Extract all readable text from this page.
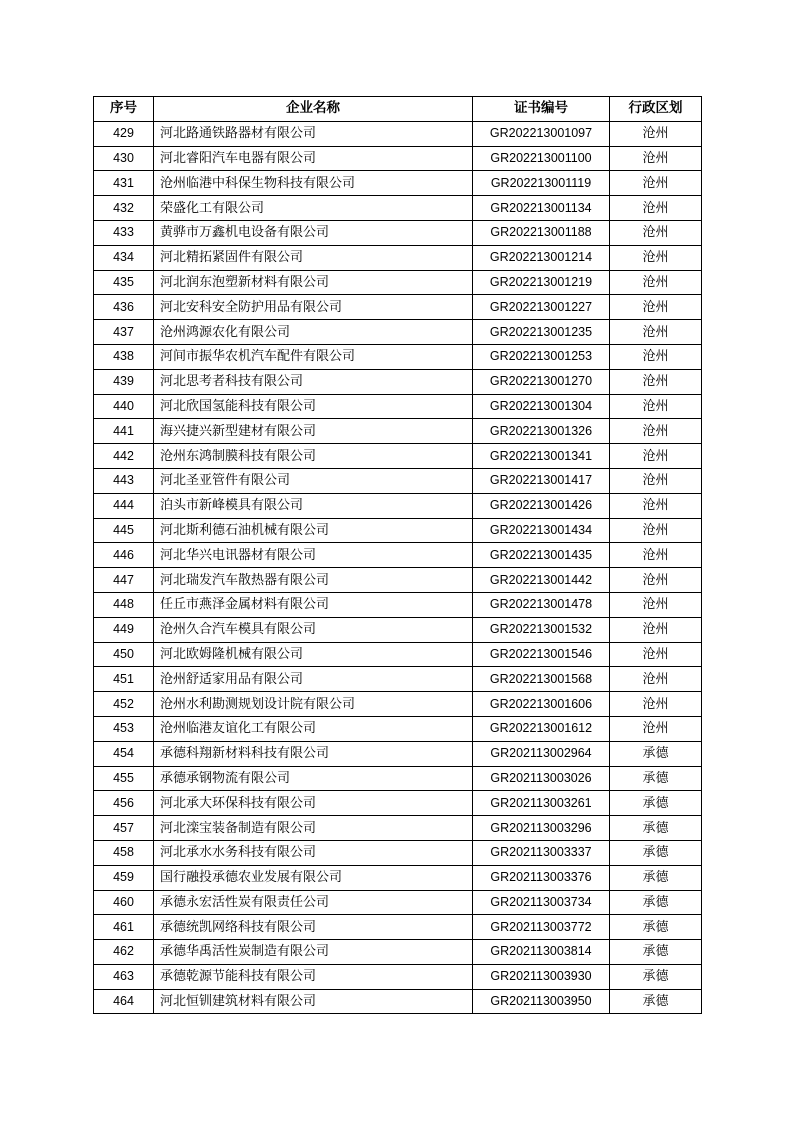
序号	企业名称	证书编号	行政区划
429	河北路通铁路器材有限公司	GR202213001097	沧州
430	河北睿阳汽车电器有限公司	GR202213001100	沧州
431	沧州临港中科保生物科技有限公司	GR202213001119	沧州
432	荣盛化工有限公司	GR202213001134	沧州
433	黄骅市万鑫机电设备有限公司	GR202213001188	沧州
434	河北精拓紧固件有限公司	GR202213001214	沧州
435	河北润东泡塑新材料有限公司	GR202213001219	沧州
436	河北安科安全防护用品有限公司	GR202213001227	沧州
437	沧州鸿源农化有限公司	GR202213001235	沧州
438	河间市振华农机汽车配件有限公司	GR202213001253	沧州
439	河北思考者科技有限公司	GR202213001270	沧州
440	河北欣国氢能科技有限公司	GR202213001304	沧州
441	海兴捷兴新型建材有限公司	GR202213001326	沧州
442	沧州东鸿制膜科技有限公司	GR202213001341	沧州
443	河北圣亚管件有限公司	GR202213001417	沧州
444	泊头市新峰模具有限公司	GR202213001426	沧州
445	河北斯利德石油机械有限公司	GR202213001434	沧州
446	河北华兴电讯器材有限公司	GR202213001435	沧州
447	河北瑞发汽车散热器有限公司	GR202213001442	沧州
448	任丘市燕泽金属材料有限公司	GR202213001478	沧州
449	沧州久合汽车模具有限公司	GR202213001532	沧州
450	河北欧姆隆机械有限公司	GR202213001546	沧州
451	沧州舒适家用品有限公司	GR202213001568	沧州
452	沧州水利勘测规划设计院有限公司	GR202213001606	沧州
453	沧州临港友谊化工有限公司	GR202213001612	沧州
454	承德科翔新材料科技有限公司	GR202113002964	承德
455	承德承钢物流有限公司	GR202113003026	承德
456	河北承大环保科技有限公司	GR202113003261	承德
457	河北滦宝装备制造有限公司	GR202113003296	承德
458	河北承水水务科技有限公司	GR202113003337	承德
459	国行融投承德农业发展有限公司	GR202113003376	承德
460	承德永宏活性炭有限责任公司	GR202113003734	承德
461	承德统凯网络科技有限公司	GR202113003772	承德
462	承德华禹活性炭制造有限公司	GR202113003814	承德
463	承德乾源节能科技有限公司	GR202113003930	承德
464	河北恒钏建筑材料有限公司	GR202113003950	承德
